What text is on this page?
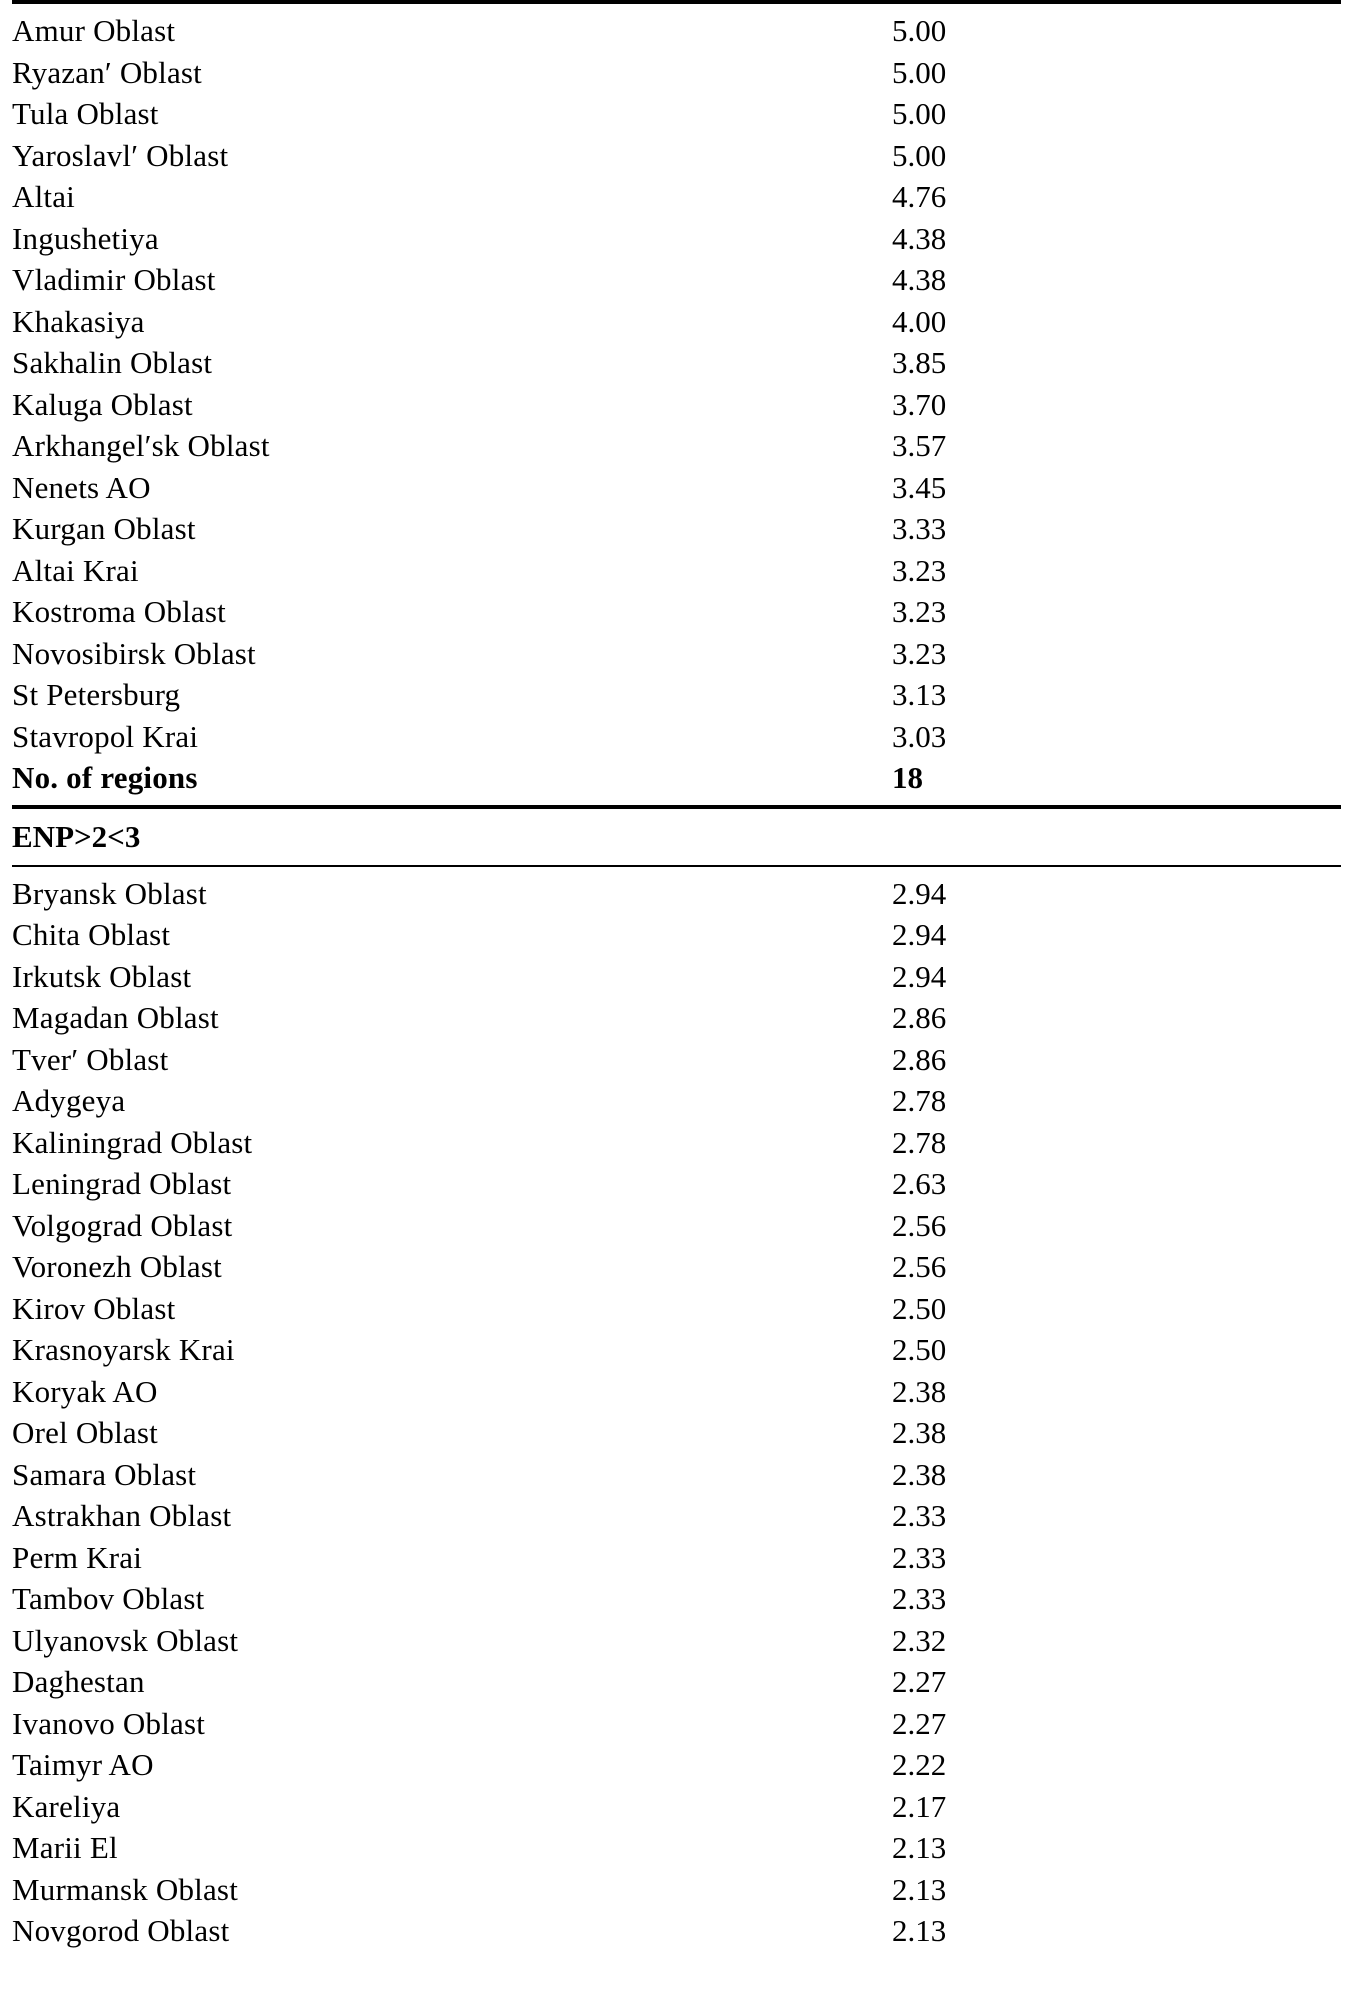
Amur Oblast	5.00
Ryazan′ Oblast	5.00
Tula Oblast	5.00
Yaroslavl′ Oblast	5.00
Altai	4.76
Ingushetiya	4.38
Vladimir Oblast	4.38
Khakasiya	4.00
Sakhalin Oblast	3.85
Kaluga Oblast	3.70
Arkhangel′sk Oblast	3.57
Nenets AO	3.45
Kurgan Oblast	3.33
Altai Krai	3.23
Kostroma Oblast	3.23
Novosibirsk Oblast	3.23
St Petersburg	3.13
Stavropol Krai	3.03
No. of regions	18
ENP>2<3
Bryansk Oblast	2.94
Chita Oblast	2.94
Irkutsk Oblast	2.94
Magadan Oblast	2.86
Tver′ Oblast	2.86
Adygeya	2.78
Kaliningrad Oblast	2.78
Leningrad Oblast	2.63
Volgograd Oblast	2.56
Voronezh Oblast	2.56
Kirov Oblast	2.50
Krasnoyarsk Krai	2.50
Koryak AO	2.38
Orel Oblast	2.38
Samara Oblast	2.38
Astrakhan Oblast	2.33
Perm Krai	2.33
Tambov Oblast	2.33
Ulyanovsk Oblast	2.32
Daghestan	2.27
Ivanovo Oblast	2.27
Taimyr AO	2.22
Kareliya	2.17
Marii El	2.13
Murmansk Oblast	2.13
Novgorod Oblast	2.13
